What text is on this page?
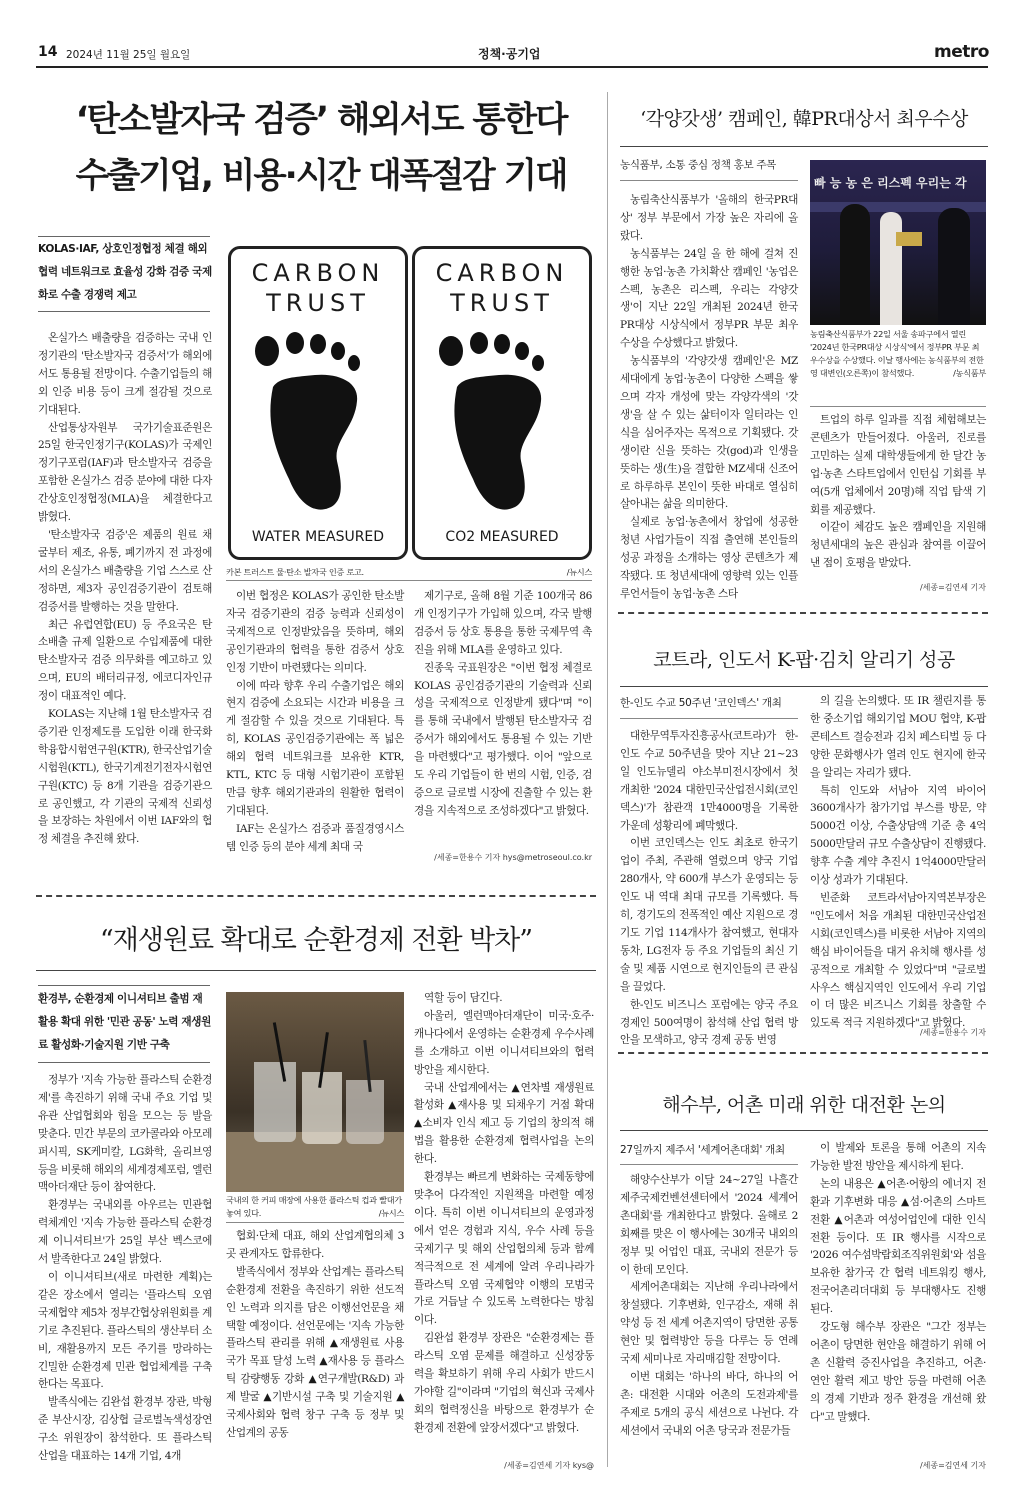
14 2024년 11월 25일 월요일	정책·공기업	metro
‘탄소발자국 검증’ 해외서도 통한다
수출기업, 비용·시간 대폭절감 기대
KOLAS·IAF, 상호인정협정 체결 해외 협력 네트워크로 효율성 강화 검증 국제화로 수출 경쟁력 제고
CARBON
TRUST
WATER MEASURED
CARBON
TRUST
CO2 MEASURED
카본 트러스트 물·탄소 발자국 인증 로고.	/뉴시스

온실가스 배출량을 검증하는 국내 인정기관의 '탄소발자국 검증서'가 해외에서도 통용될 전망이다. 수출기업들의 해외 인증 비용 등이 크게 절감될 것으로 기대된다.

산업통상자원부 국가기술표준원은 25일 한국인정기구(KOLAS)가 국제인정기구포럼(IAF)과 탄소발자국 검증을 포함한 온실가스 검증 분야에 대한 다자간상호인정협정(MLA)을 체결한다고 밝혔다.

'탄소발자국 검증'은 제품의 원료 채굴부터 제조, 유통, 폐기까지 전 과정에서의 온실가스 배출량을 기업 스스로 산정하면, 제3자 공인검증기관이 검토해 검증서를 발행하는 것을 말한다.

최근 유럽연합(EU) 등 주요국은 탄소배출 규제 일환으로 수입제품에 대한 탄소발자국 검증 의무화를 예고하고 있으며, EU의 배터리규정, 에코디자인규정이 대표적인 예다.

KOLAS는 지난해 1월 탄소발자국 검증기관 인정제도를 도입한 이래 한국화학융합시험연구원(KTR), 한국산업기술시험원(KTL), 한국기계전기전자시험연구원(KTC) 등 8개 기관을 검증기관으로 공인했고, 각 기관의 국제적 신뢰성을 보장하는 차원에서 이번 IAF와의 협정 체결을 추진해 왔다.

이번 협정은 KOLAS가 공인한 탄소발자국 검증기관의 검증 능력과 신뢰성이 국제적으로 인정받았음을 뜻하며, 해외 공인기관과의 협력을 통한 검증서 상호인정 기반이 마련됐다는 의미다.

이에 따라 향후 우리 수출기업은 해외 현지 검증에 소요되는 시간과 비용을 크게 절감할 수 있을 것으로 기대된다. 특히, KOLAS 공인검증기관에는 폭 넓은 해외 협력 네트워크를 보유한 KTR, KTL, KTC 등 대형 시험기관이 포함된 만큼 향후 해외기관과의 원활한 협력이 기대된다.

IAF는 온실가스 검증과 품질경영시스템 인증 등의 분야 세계 최대 국

제기구로, 올해 8월 기준 100개국 86개 인정기구가 가입해 있으며, 각국 발행 검증서 등 상호 통용을 통한 국제무역 촉진을 위해 MLA를 운영하고 있다.

진종욱 국표원장은 "이번 협정 체결로 KOLAS 공인검증기관의 기술력과 신뢰성을 국제적으로 인정받게 됐다"며 "이를 통해 국내에서 발행된 탄소발자국 검증서가 해외에서도 통용될 수 있는 기반을 마련했다"고 평가했다. 이어 "앞으로도 우리 기업들이 한 번의 시험, 인증, 검증으로 글로벌 시장에 진출할 수 있는 환경을 지속적으로 조성하겠다"고 밝혔다.

/세종=한용수 기자 hys@metroseoul.co.kr
‘각양갓생’ 캠페인, 韓PR대상서 최우수상
농식품부, 소통 중심 정책 홍보 주목
빠 능 농 은 리스펙 우리는 각
농림축산식품부가 22일 서울 송파구에서 열린 '2024년 한국PR대상 시상식'에서 정부PR 부문 최우수상을 수상했다. 이날 행사에는 농식품부의 전한영 대변인(오른쪽)이 참석했다.	/농식품부

농림축산식품부가 '올해의 한국PR대상' 정부 부문에서 가장 높은 자리에 올랐다.

농식품부는 24일 올 한 해에 걸쳐 진행한 농업·농촌 가치확산 캠페인 '농업은 스펙, 농촌은 리스펙, 우리는 각양갓생'이 지난 22일 개최된 2024년 한국PR대상 시상식에서 정부PR 부문 최우수상을 수상했다고 밝혔다.

농식품부의 '각양갓생 캠페인'은 MZ세대에게 농업·농촌이 다양한 스펙을 쌓으며 각자 개성에 맞는 각양각색의 '갓생'을 살 수 있는 삶터이자 일터라는 인식을 심어주자는 목적으로 기획됐다. 갓생이란 신을 뜻하는 갓(god)과 인생을 뜻하는 생(生)을 결합한 MZ세대 신조어로 하루하루 본인이 뜻한 바대로 열심히 살아내는 삶을 의미한다.

실제로 농업·농촌에서 창업에 성공한 청년 사업가들이 직접 출연해 본인들의 성공 과정을 소개하는 영상 콘텐츠가 제작됐다. 또 청년세대에 영향력 있는 인플루언서들이 농업·농촌 스타

트업의 하루 일과를 직접 체험해보는 콘텐츠가 만들어졌다. 아울러, 진로를 고민하는 실제 대학생들에게 한 달간 농업·농촌 스타트업에서 인턴십 기회를 부여(5개 업체에서 20명)해 직업 탐색 기회를 제공했다.

이같이 체감도 높은 캠페인을 지원해 청년세대의 높은 관심과 참여를 이끌어낸 점이 호평을 받았다.

/세종=김연세 기자
코트라, 인도서 K-팝·김치 알리기 성공
한-인도 수교 50주년 '코인덱스' 개최

대한무역투자진흥공사(코트라)가 한-인도 수교 50주년을 맞아 지난 21~23일 인도뉴델리 야소부미전시장에서 첫 개최한 '2024 대한민국산업전시회(코인덱스)'가 참관객 1만4000명을 기록한 가운데 성황리에 폐막했다.

이번 코인덱스는 인도 최초로 한국기업이 주최, 주관해 열렸으며 양국 기업 280개사, 약 600개 부스가 운영되는 등 인도 내 역대 최대 규모를 기록했다. 특히, 경기도의 전폭적인 예산 지원으로 경기도 기업 114개사가 참여했고, 현대자동차, LG전자 등 주요 기업들의 최신 기술 및 제품 시연으로 현지인들의 큰 관심을 끌었다.

한-인도 비즈니스 포럼에는 양국 주요 경제인 500여명이 참석해 산업 협력 방안을 모색하고, 양국 경제 공동 번영

의 길을 논의했다. 또 IR 챌린지를 통한 중소기업 해외기업 MOU 협약, K-팝 콘테스트 결승전과 김치 페스티벌 등 다양한 문화행사가 열려 인도 현지에 한국을 알리는 자리가 됐다.

특히 인도와 서남아 지역 바이어 3600개사가 참가기업 부스를 방문, 약 5000건 이상, 수출상담액 기준 총 4억 5000만달러 규모 수출상담이 진행됐다. 향후 수출 계약 추진시 1억4000만달러 이상 성과가 기대된다.

빈준화 코트라서남아지역본부장은 "인도에서 처음 개최된 대한민국산업전시회(코인덱스)를 비롯한 서남아 지역의 핵심 바이어들을 대거 유치해 행사를 성공적으로 개최할 수 있었다"며 "글로벌 사우스 핵심지역인 인도에서 우리 기업이 더 많은 비즈니스 기회를 창출할 수 있도록 적극 지원하겠다"고 밝혔다.

/세종=한용수 기자
“재생원료 확대로 순환경제 전환 박차”
환경부, 순환경제 이니셔티브 출범 재활용 확대 위한 '민관 공동' 노력 재생원료 활성화·기술지원 기반 구축
국내의 한 커피 매장에 사용한 플라스틱 컵과 빨대가 놓여 있다.	/뉴시스

정부가 '지속 가능한 플라스틱 순환경제'를 촉진하기 위해 국내 주요 기업 및 유관 산업협회와 힘을 모으는 등 발을 맞춘다. 민간 부문의 코카콜라와 아모레퍼시픽, SK케미칼, LG화학, 올리브영 등을 비롯해 해외의 세계경제포럼, 엘런맥아더재단 등이 참여한다.

환경부는 국내외를 아우르는 민관협력체계인 '지속 가능한 플라스틱 순환경제 이니셔티브'가 25일 부산 벡스코에서 발족한다고 24일 밝혔다.

이 이니셔티브(새로 마련한 계획)는 같은 장소에서 열리는 '플라스틱 오염 국제협약 제5차 정부간협상위원회를 계기로 추진된다. 플라스틱의 생산부터 소비, 재활용까지 모든 주기를 망라하는 긴밀한 순환경제 민관 협업체계를 구축한다는 목표다.

발족식에는 김완섭 환경부 장관, 박형준 부산시장, 김상협 글로벌녹색성장연구소 위원장이 참석한다. 또 플라스틱 산업을 대표하는 14개 기업, 4개

협회·단체 대표, 해외 산업계협의체 3곳 관계자도 합류한다.

발족식에서 정부와 산업계는 플라스틱 순환경제 전환을 촉진하기 위한 선도적인 노력과 의지를 담은 이행선언문을 채택할 예정이다. 선언문에는 '지속 가능한 플라스틱 관리를 위해 ▲재생원료 사용 국가 목표 달성 노력 ▲재사용 등 플라스틱 감량행동 강화 ▲연구개발(R&D) 과제 발굴 ▲기반시설 구축 및 기술지원 ▲국제사회와 협력 창구 구축 등 정부 및 산업계의 공동

역할 등이 담긴다.

아울러, 엘런맥아더재단이 미국·호주·캐나다에서 운영하는 순환경제 우수사례를 소개하고 이번 이니셔티브와의 협력방안을 제시한다.

국내 산업계에서는 ▲연차별 재생원료 활성화 ▲재사용 및 되채우기 거점 확대 ▲소비자 인식 제고 등 기업의 창의적 해법을 활용한 순환경제 협력사업을 논의한다.

환경부는 빠르게 변화하는 국제동향에 맞추어 다각적인 지원책을 마련할 예정이다. 특히 이번 이니셔티브의 운영과정에서 얻은 경험과 지식, 우수 사례 등을 국제기구 및 해외 산업협의체 등과 함께 적극적으로 전 세계에 알려 우리나라가 플라스틱 오염 국제협약 이행의 모범국가로 거듭날 수 있도록 노력한다는 방침이다.

김완섭 환경부 장관은 "순환경제는 플라스틱 오염 문제를 해결하고 신성장동력을 확보하기 위해 우리 사회가 반드시 가야할 길"이라며 "기업의 혁신과 국제사회의 협력정신을 바탕으로 환경부가 순환경제 전환에 앞장서겠다"고 밝혔다.

/세종=김연세 기자 kys@
해수부, 어촌 미래 위한 대전환 논의
27일까지 제주서 '세계어촌대회' 개최

해양수산부가 이달 24~27일 나흘간 제주국제컨벤션센터에서 '2024 세계어촌대회'를 개최한다고 밝혔다. 올해로 2회째를 맞은 이 행사에는 30개국 내외의 정부 및 어업인 대표, 국내외 전문가 등이 한데 모인다.

세계어촌대회는 지난해 우리나라에서 창설됐다. 기후변화, 인구감소, 재해 취약성 등 전 세계 어촌지역이 당면한 공통 현안 및 협력방안 등을 다루는 등 연례 국제 세미나로 자리매김할 전망이다.

이번 대회는 '하나의 바다, 하나의 어촌: 대전환 시대와 어촌의 도전과제'를 주제로 5개의 공식 세션으로 나뉜다. 각 세션에서 국내외 어촌 당국과 전문가들

이 발제와 토론을 통해 어촌의 지속 가능한 발전 방안을 제시하게 된다.

논의 내용은 ▲어촌·어항의 에너지 전환과 기후변화 대응 ▲섬·어촌의 스마트 전환 ▲어촌과 여성어업인에 대한 인식 전환 등이다. 또 IR 행사를 시작으로 '2026 여수섬박람회조직위원회'와 섬을 보유한 참가국 간 협력 네트워킹 행사, 전국어촌리더대회 등 부대행사도 진행된다.

강도형 해수부 장관은 "그간 정부는 어촌이 당면한 현안을 해결하기 위해 어촌 신활력 증진사업을 추진하고, 어촌·연안 활력 제고 방안 등을 마련해 어촌의 경제 기반과 정주 환경을 개선해 왔다"고 말했다.

/세종=김연세 기자
